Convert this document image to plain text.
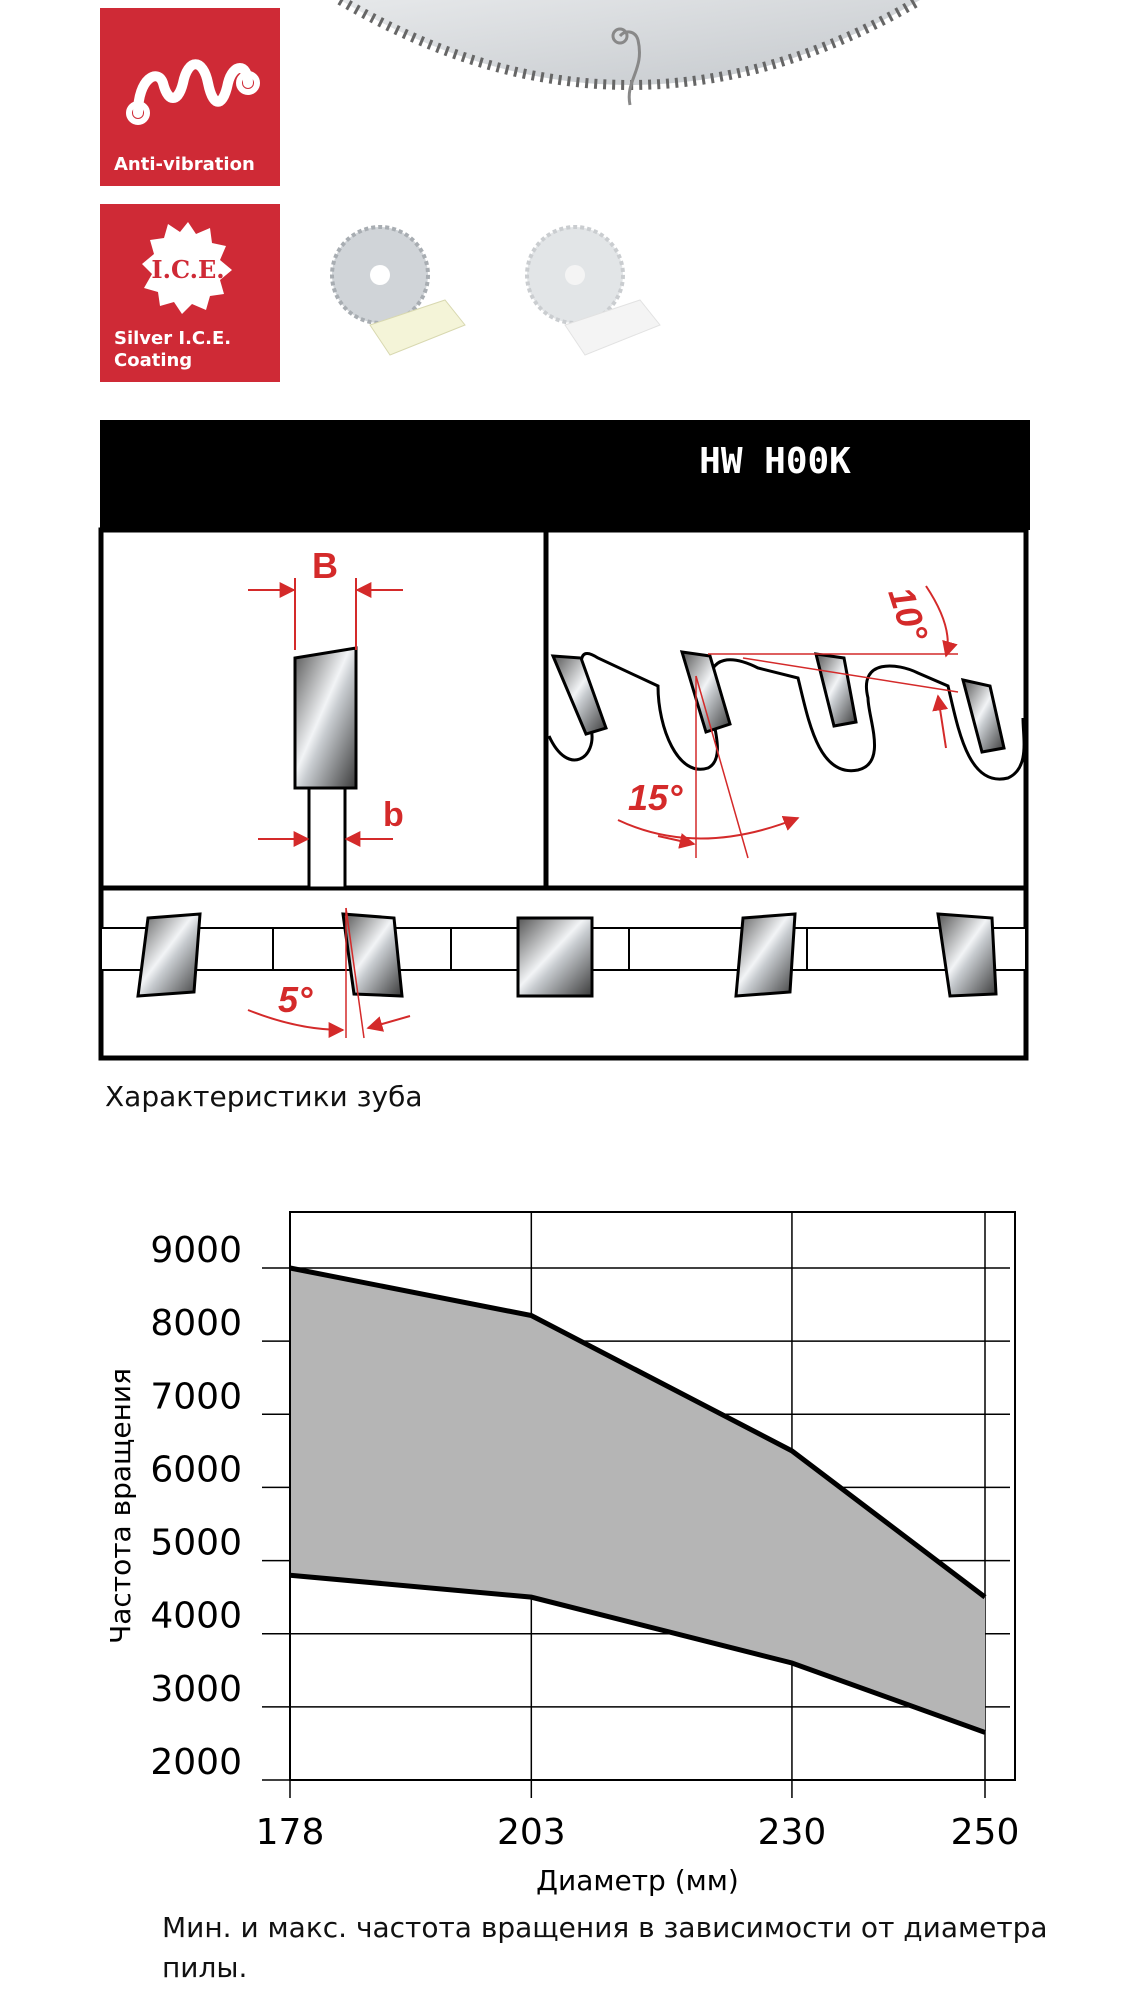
Anti-vibration
I.C.E.
Silver I.C.E.
Coating
HW H00K
B
b	15°
10°
5°
Характеристики зуба
2000
3000
4000
5000
6000
7000
8000
9000
178	203	230	250
Диаметр (мм)
Частота вращения
Мин. и макс. частота вращения в зависимости от диаметра пилы.
